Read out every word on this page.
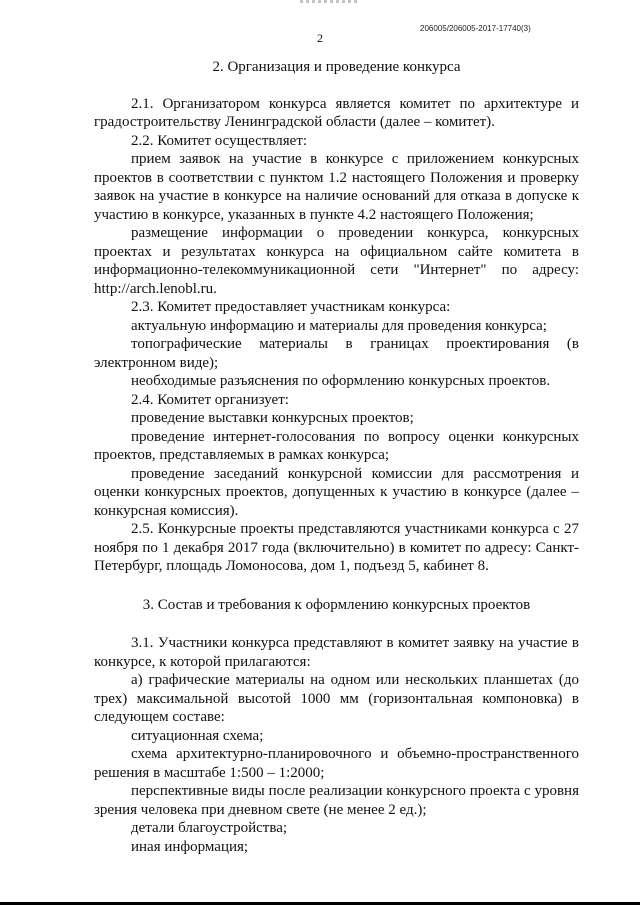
206005/206005-2017-17740(3)
2

2. Организация и проведение конкурса

2.1. Организатором конкурса является комитет по архитектуре и градостроительству Ленинградской области (далее – комитет).

2.2. Комитет осуществляет:

прием заявок на участие в конкурсе с приложением конкурсных проектов в соответствии с пунктом 1.2 настоящего Положения и проверку заявок на участие в конкурсе на наличие оснований для отказа в допуске к участию в конкурсе, указанных в пункте 4.2 настоящего Положения;

размещение информации о проведении конкурса, конкурсных проектах и результатах конкурса на официальном сайте комитета в информационно-телекоммуникационной сети "Интернет" по адресу: http://arch.lenobl.ru.

2.3. Комитет предоставляет участникам конкурса:

актуальную информацию и материалы для проведения конкурса;

топографические материалы в границах проектирования (в электронном виде);

необходимые разъяснения по оформлению конкурсных проектов.

2.4. Комитет организует:

проведение выставки конкурсных проектов;

проведение интернет-голосования по вопросу оценки конкурсных проектов, представляемых в рамках конкурса;

проведение заседаний конкурсной комиссии для рассмотрения и оценки конкурсных проектов, допущенных к участию в конкурсе (далее – конкурсная комиссия).

2.5. Конкурсные проекты представляются участниками конкурса с 27 ноября по 1 декабря 2017 года (включительно) в комитет по адресу: Санкт-Петербург, площадь Ломоносова, дом 1, подъезд 5, кабинет 8.

3. Состав и требования к оформлению конкурсных проектов

3.1. Участники конкурса представляют в комитет заявку на участие в конкурсе, к которой прилагаются:

а) графические материалы на одном или нескольких планшетах (до трех) максимальной высотой 1000 мм (горизонтальная компоновка) в следующем составе:

ситуационная схема;

схема архитектурно-планировочного и объемно-пространственного решения в масштабе 1:500 – 1:2000;

перспективные виды после реализации конкурсного проекта с уровня зрения человека при дневном свете (не менее 2 ед.);

детали благоустройства;

иная информация;
